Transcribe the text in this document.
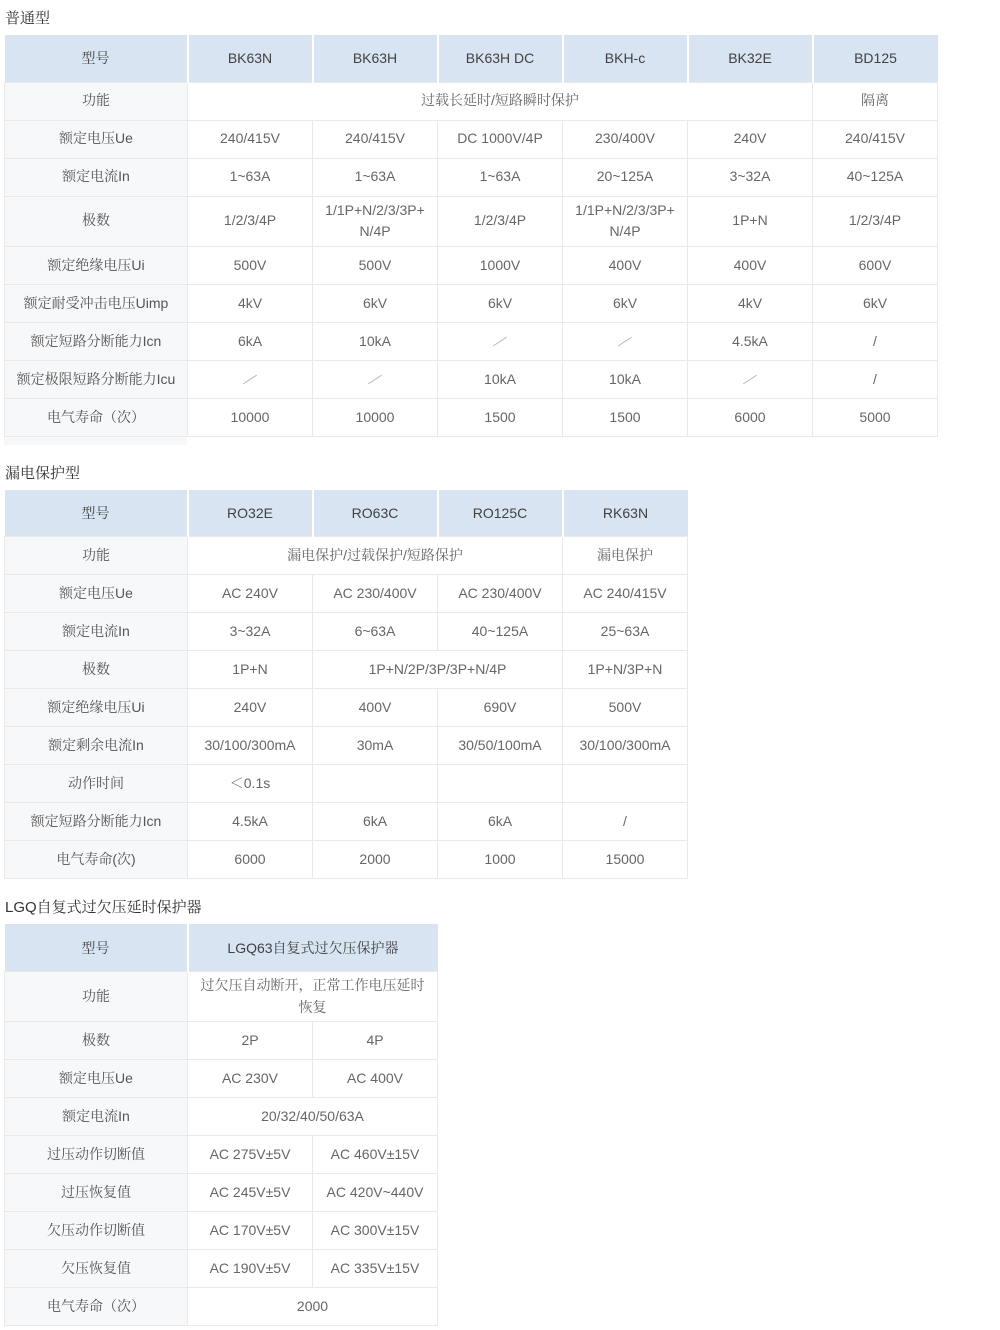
普通型
型号	BK63N	BK63H	BK63H DC	BKH-c	BK32E	BD125
功能	过载长延时/短路瞬时保护					隔离
额定电压Ue	240/415V	240/415V	DC 1000V/4P	230/400V	240V	240/415V
额定电流In	1~63A	1~63A	1~63A	20~125A	3~32A	40~125A
极数	1/2/3/4P	1/1P+N/2/3/3P+N/4P	1/2/3/4P	1/1P+N/2/3/3P+N/4P	1P+N	1/2/3/4P
额定绝缘电压Ui	500V	500V	1000V	400V	400V	600V
额定耐受冲击电压Uimp	4kV	6kV	6kV	6kV	4kV	6kV
额定短路分断能力Icn	6kA	10kA			4.5kA	/
额定极限短路分断能力Icu			10kA	10kA		/
电气寿命（次）	10000	10000	1500	1500	6000	5000
漏电保护型
型号	RO32E	RO63C	RO125C	RK63N
功能	漏电保护/过载保护/短路保护			漏电保护
额定电压Ue	AC 240V	AC 230/400V	AC 230/400V	AC 240/415V
额定电流In	3~32A	6~63A	40~125A	25~63A
极数	1P+N	1P+N/2P/3P/3P+N/4P		1P+N/3P+N
额定绝缘电压Ui	240V	400V	690V	500V
额定剩余电流In	30/100/300mA	30mA	30/50/100mA	30/100/300mA
动作时间	＜0.1s			
额定短路分断能力Icn	4.5kA	6kA	6kA	/
电气寿命(次)	6000	2000	1000	15000
LGQ自复式过欠压延时保护器
型号	LGQ63自复式过欠压保护器	
功能	过欠压自动断开，正常工作电压延时恢复	
极数	2P	4P
额定电压Ue	AC 230V	AC 400V
额定电流In	20/32/40/50/63A	
过压动作切断值	AC 275V±5V	AC 460V±15V
过压恢复值	AC 245V±5V	AC 420V~440V
欠压动作切断值	AC 170V±5V	AC 300V±15V
欠压恢复值	AC 190V±5V	AC 335V±15V
电气寿命（次）	2000	
